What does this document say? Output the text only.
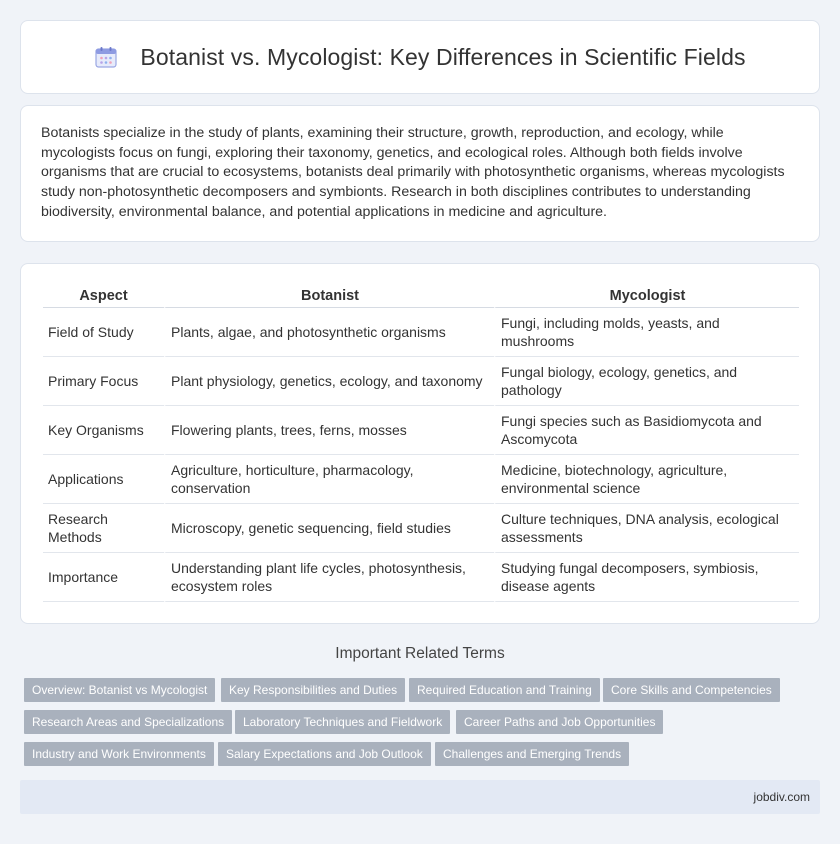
Botanist vs. Mycologist: Key Differences in Scientific Fields

Botanists specialize in the study of plants, examining their structure, growth, reproduction, and ecology, while mycologists focus on fungi, exploring their taxonomy, genetics, and ecological roles. Although both fields involve organisms that are crucial to ecosystems, botanists deal primarily with photosynthetic organisms, whereas mycologists study non-photosynthetic decomposers and symbionts. Research in both disciplines contributes to understanding biodiversity, environmental balance, and potential applications in medicine and agriculture.

Aspect	Botanist	Mycologist
Field of Study	Plants, algae, and photosynthetic organisms	Fungi, including molds, yeasts, and mushrooms
Primary Focus	Plant physiology, genetics, ecology, and taxonomy	Fungal biology, ecology, genetics, and pathology
Key Organisms	Flowering plants, trees, ferns, mosses	Fungi species such as Basidiomycota and Ascomycota
Applications	Agriculture, horticulture, pharmacology, conservation	Medicine, biotechnology, agriculture, environmental science
Research Methods	Microscopy, genetic sequencing, field studies	Culture techniques, DNA analysis, ecological assessments
Importance	Understanding plant life cycles, photosynthesis, ecosystem roles	Studying fungal decomposers, symbiosis, disease agents
Important Related Terms
Overview: Botanist vs Mycologist	Key Responsibilities and Duties	Required Education and Training	Core Skills and Competencies
Research Areas and Specializations	Laboratory Techniques and Fieldwork	Career Paths and Job Opportunities
Industry and Work Environments	Salary Expectations and Job Outlook	Challenges and Emerging Trends
jobdiv.com
